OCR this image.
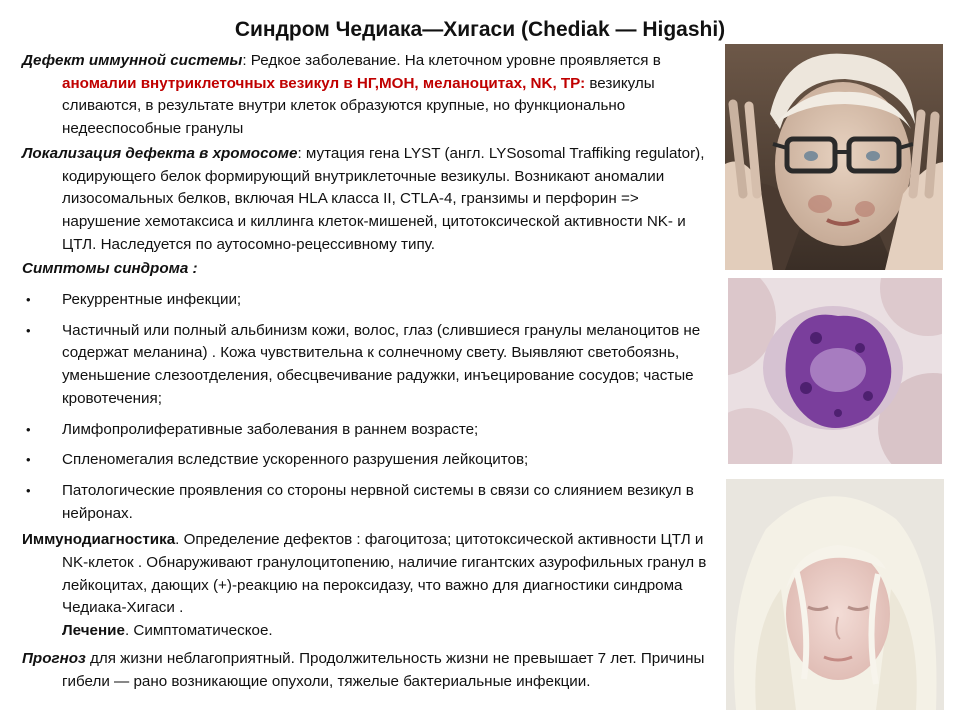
Синдром Чедиака—Хигаси (Chediak — Higashi)

Дефект иммунной системы: Редкое заболевание. На клеточном уровне проявляется в аномалии внутриклеточных везикул в НГ,МОН, меланоцитах, NK, ТР: везикулы сливаются, в результате внутри клеток образуются крупные, но функционально недееспособные гранулы

Локализация дефекта в хромосоме: мутация гена LYST (англ. LYSosomal Traffiking regulator), кодирующего белок формирующий внутриклеточные везикулы. Возникают аномалии лизосомальных белков, включая HLA класса II, CTLA-4, гранзимы и перфорин => нарушение хемотаксиса и киллинга клеток-мишеней, цитотоксической активности NK- и ЦТЛ. Наследуется по аутосомно-рецессивному типу.

Симптомы синдрома :

• Рекуррентные инфекции;

• Частичный или полный альбинизм кожи, волос, глаз (слившиеся гранулы меланоцитов не содержат меланина) . Кожа чувствительна к солнечному свету. Выявляют светобоязнь, уменьшение слезоотделения, обесцвечивание радужки, инъецирование сосудов; частые кровотечения;

• Лимфопролиферативные заболевания в раннем возрасте;

• Спленомегалия вследствие ускоренного разрушения лейкоцитов;

• Патологические проявления со стороны нервной системы в связи со слиянием везикул в нейронах.

Иммунодиагностика. Определение дефектов : фагоцитоза; цитотоксической активности ЦТЛ и NK-клеток . Обнаруживают гранулоцитопению, наличие гигантских азурофильных гранул в лейкоцитах, дающих (+)-реакцию на пероксидазу, что важно для диагностики синдрома Чедиака-Хигаси .

Лечение. Симптоматическое.

Прогноз для жизни неблагоприятный. Продолжительность жизни не превышает 7 лет. Причины гибели — рано возникающие опухоли, тяжелые бактериальные инфекции.
